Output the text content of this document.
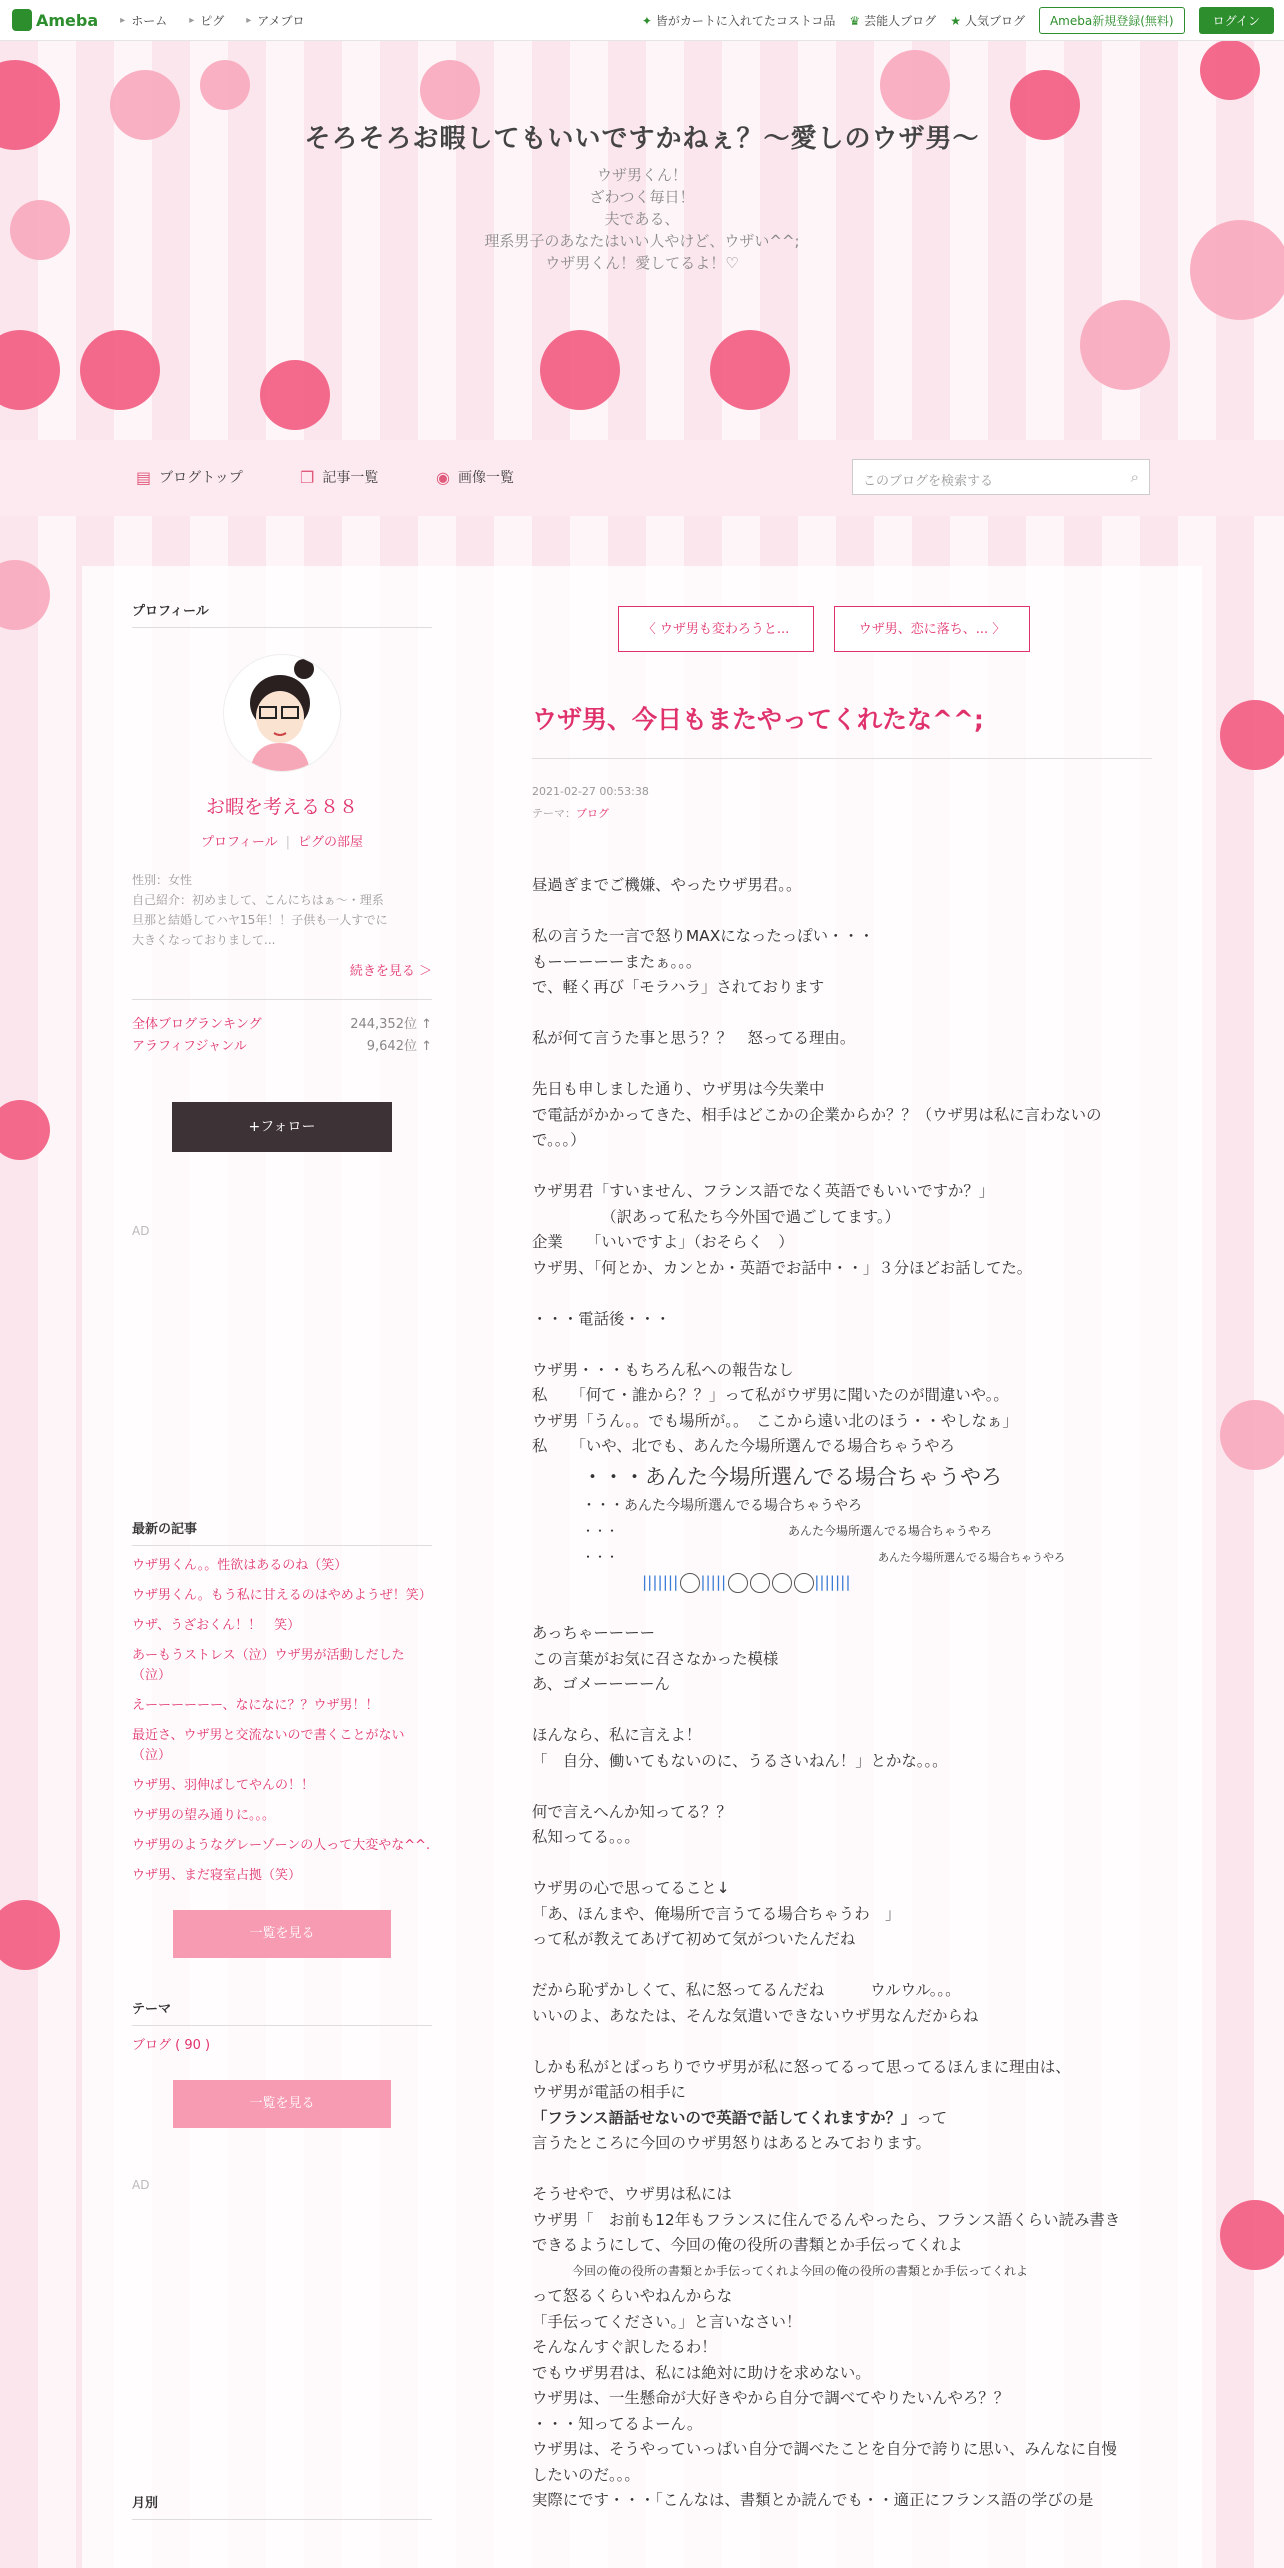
Ameba	▸ ホーム	▸ ピグ	▸ アメブロ	✦ 皆がカートに入れてたコストコ品 ♛ 芸能人ブログ ★ 人気ブログ	Ameba新規登録(無料)	ログイン
そろそろお暇してもいいですかねぇ？〜愛しのウザ男〜
ウザ男くん！
ざわつく毎日！
夫である、
理系男子のあなたはいい人やけど、ウザい^^;
ウザ男くん！愛してるよ！♡
▤ ブログトップ	❐ 記事一覧	◉ 画像一覧	このブログを検索する	⌕
プロフィール
お暇を考える８８
プロフィール | ピグの部屋
性別：女性
自己紹介：初めまして、こんにちはぁ〜・理系
旦那と結婚してハヤ15年！！子供も一人すでに
大きくなっておりまして...
続きを見る ＞
全体ブログランキング	244,352位 ↑
アラフィフジャンル	9,642位 ↑
+フォロー
AD
最新の記事
ウザ男くん。。性欲はあるのね（笑）
ウザ男くん。もう私に甘えるのはやめようぜ！笑）
ウザ、うざおくん！！　笑）
あーもうストレス（泣）ウザ男が活動しだした（泣）
えーーーーーー、なになに？？ウザ男！！
最近さ、ウザ男と交流ないので書くことがない（泣）
ウザ男、羽伸ばしてやんの！！
ウザ男の望み通りに。。。
ウザ男のようなグレーゾーンの人って大変やな^^.
ウザ男、まだ寝室占拠（笑）
一覧を見る
テーマ
ブログ ( 90 )
一覧を見る
AD
月別
〈 ウザ男も変わろうと...	ウザ男、恋に落ち、... 〉
ウザ男、今日もまたやってくれたな^^;
2021-02-27 00:53:38
テーマ：ブログ
昼過ぎまでご機嫌、やったウザ男君。。
私の言うた一言で怒りMAXになったっぽい・・・
もーーーーーまたぁ。。。
で、軽く再び「モラハラ」されております
私が何て言うた事と思う？？　怒ってる理由。
先日も申しました通り、ウザ男は今失業中
で電話がかかってきた、相手はどこかの企業からか？？（ウザ男は私に言わないの
で。。。）
ウザ男君「すいません、フランス語でなく英語でもいいですか？」
　　　　　（訳あって私たち今外国で過ごしてます。）
企業　　「いいですよ」（おそらく　）
ウザ男、「何とか、カンとか・英語でお話中・・」３分ほどお話してた。
・・・電話後・・・
ウザ男・・・もちろん私への報告なし
私　　「何て・誰から？？」って私がウザ男に聞いたのが間違いや。。
ウザ男「うん。。でも場所が。。　ここから遠い北のほう・・やしなぁ」
私　　「いや、北でも、あんた今場所選んでる場合ちゃうやろ
・・・あんた今場所選んでる場合ちゃうやろ
・・・あんた今場所選んでる場合ちゃうやろ
・・・	あんた今場所選んでる場合ちゃうやろ
・・・	あんた今場所選んでる場合ちゃうやろ
||||||| |||||	|||||||
あっちゃーーーー
この言葉がお気に召さなかった模様
あ、ゴメーーーーん
ほんなら、私に言えよ！
「　自分、働いてもないのに、うるさいねん！」とかな。。。
何で言えへんか知ってる？？
私知ってる。。。
ウザ男の心で思ってること↓
「あ、ほんまや、俺場所で言うてる場合ちゃうわ　」
って私が教えてあげて初めて気がついたんだね
だから恥ずかしくて、私に怒ってるんだね　　　ウルウル。。。
いいのよ、あなたは、そんな気遣いできないウザ男なんだからね
しかも私がとばっちりでウザ男が私に怒ってるって思ってるほんまに理由は、
ウザ男が電話の相手に
「フランス語話せないので英語で話してくれますか？」って
言うたところに今回のウザ男怒りはあるとみております。
そうせやで、ウザ男は私には
ウザ男「　お前も12年もフランスに住んでるんやったら、フランス語くらい読み書き
できるようにして、今回の俺の役所の書類とか手伝ってくれよ
今回の俺の役所の書類とか手伝ってくれよ今回の俺の役所の書類とか手伝ってくれよ
って怒るくらいやねんからな
「手伝ってください。」と言いなさい！
そんなんすぐ訳したるわ！
でもウザ男君は、私には絶対に助けを求めない。
ウザ男は、一生懸命が大好きやから自分で調べてやりたいんやろ？？
・・・知ってるよーん。
ウザ男は、そうやっていっぱい自分で調べたことを自分で誇りに思い、みんなに自慢
したいのだ。。。
実際にです・・・「こんなは、書類とか読んでも・・適正にフランス語の学びの是
